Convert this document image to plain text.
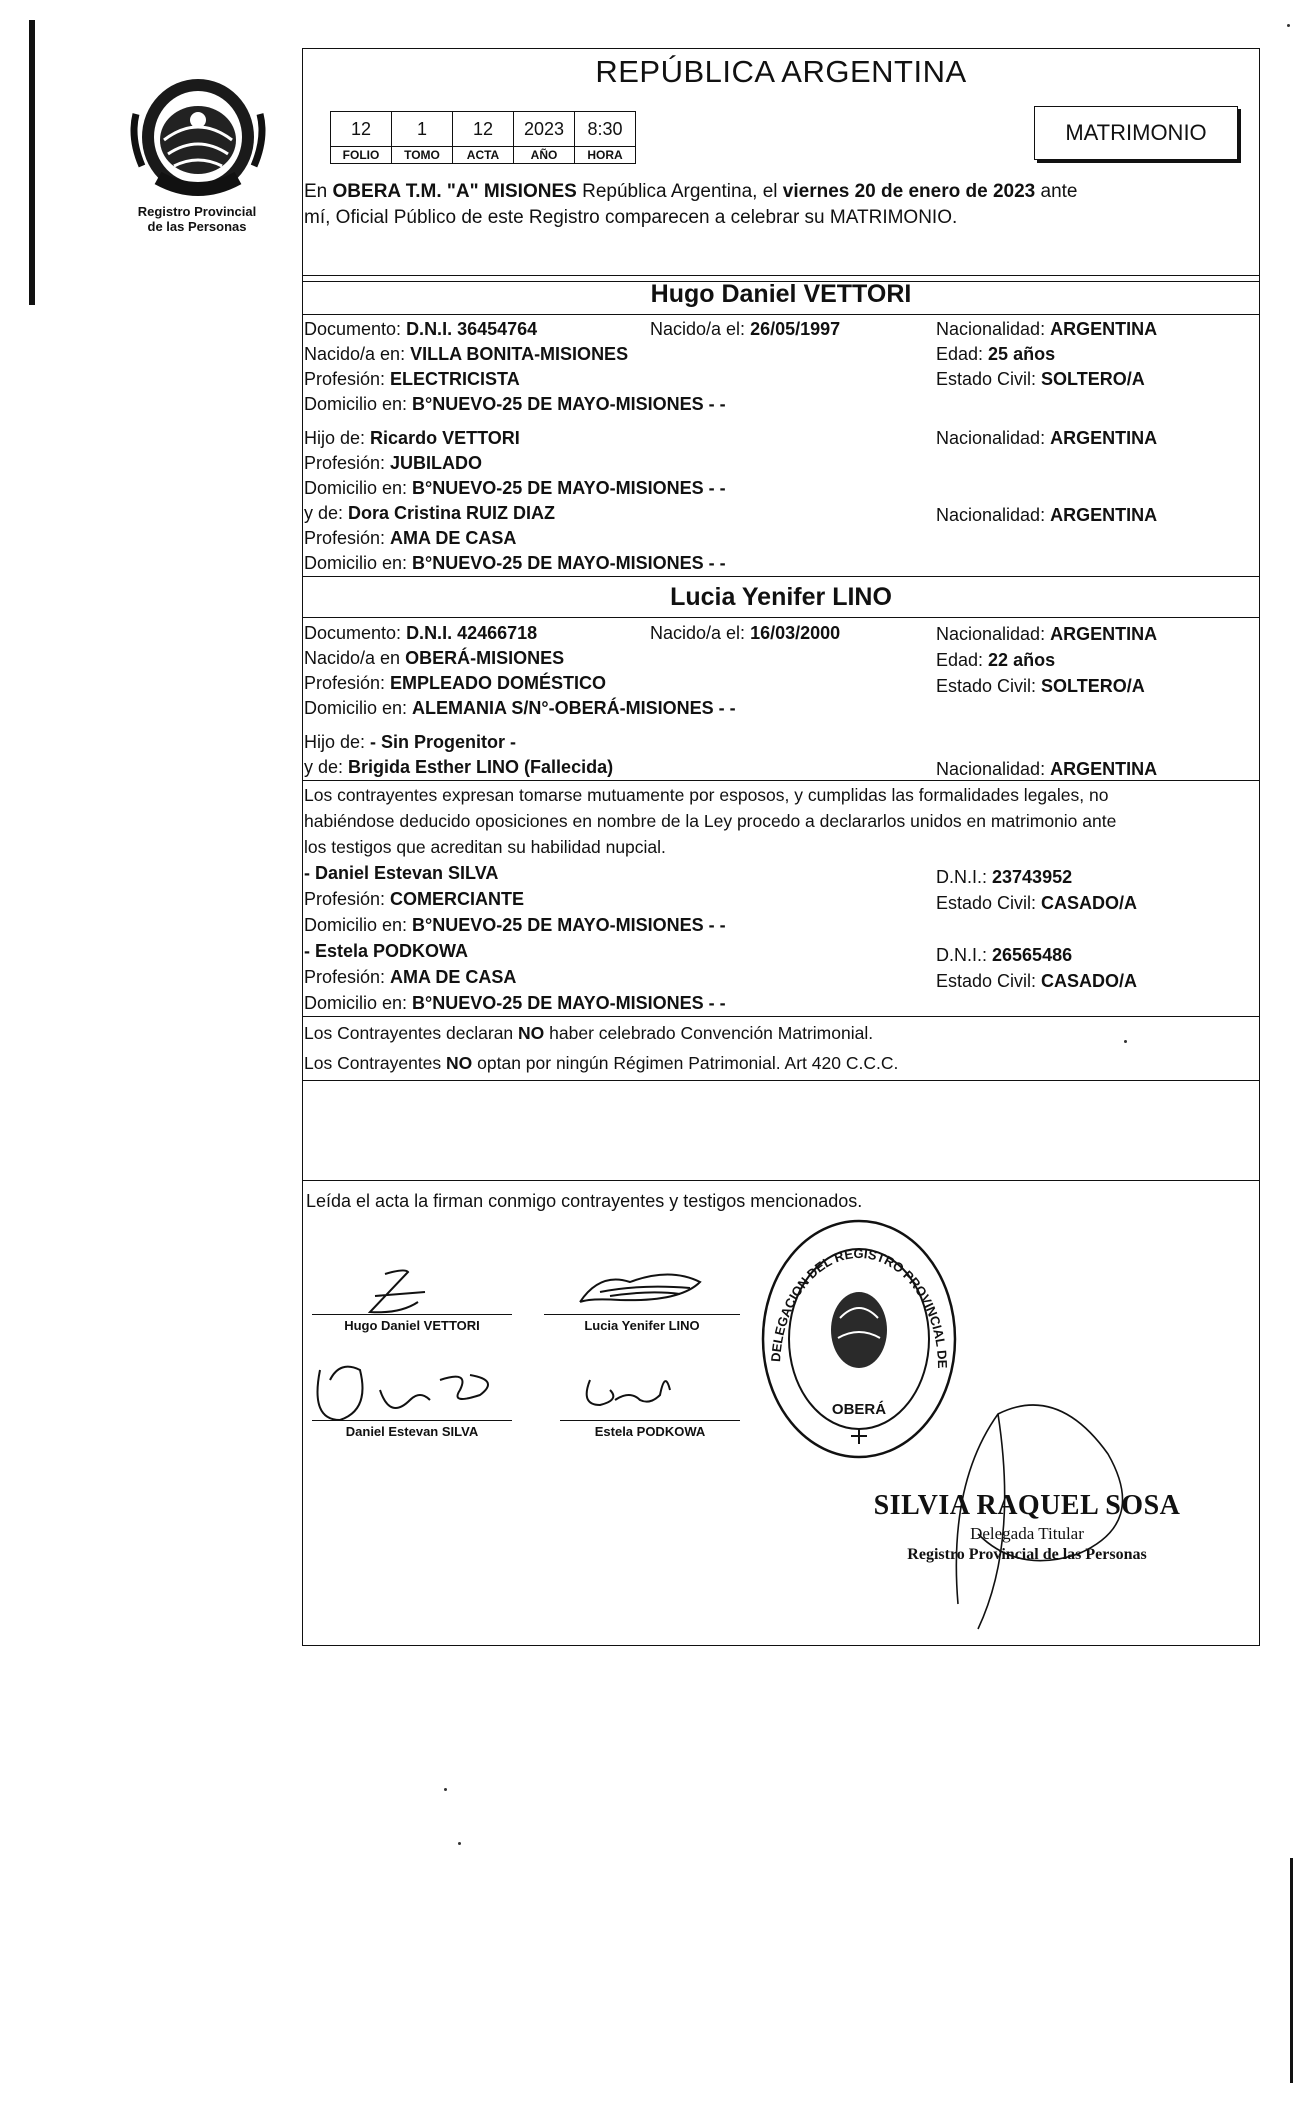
Registro Provincial
de las Personas
REPÚBLICA ARGENTINA
12	1	12	2023	8:30
FOLIO	TOMO	ACTA	AÑO	HORA
MATRIMONIO
En OBERA T.M. "A" MISIONES República Argentina, el viernes 20 de enero de 2023 ante
mí, Oficial Público de este Registro comparecen a celebrar su MATRIMONIO.
Hugo Daniel VETTORI
Documento: D.N.I. 36454764	Nacido/a el: 26/05/1997	Nacionalidad: ARGENTINA
Nacido/a en: VILLA BONITA-MISIONES	Edad: 25 años
Profesión: ELECTRICISTA	Estado Civil: SOLTERO/A
Domicilio en: B°NUEVO-25 DE MAYO-MISIONES - -
Hijo de: Ricardo VETTORI	Nacionalidad: ARGENTINA
Profesión: JUBILADO
Domicilio en: B°NUEVO-25 DE MAYO-MISIONES - -
y de: Dora Cristina RUIZ DIAZ	Nacionalidad: ARGENTINA
Profesión: AMA DE CASA
Domicilio en: B°NUEVO-25 DE MAYO-MISIONES - -
Lucia Yenifer LINO
Documento: D.N.I. 42466718	Nacido/a el: 16/03/2000	Nacionalidad: ARGENTINA
Nacido/a en OBERÁ-MISIONES	Edad: 22 años
Profesión: EMPLEADO DOMÉSTICO	Estado Civil: SOLTERO/A
Domicilio en: ALEMANIA S/N°-OBERÁ-MISIONES - -
Hijo de: - Sin Progenitor -
y de: Brigida Esther LINO (Fallecida)	Nacionalidad: ARGENTINA
Los contrayentes expresan tomarse mutuamente por esposos, y cumplidas las formalidades legales, no
habiéndose deducido oposiciones en nombre de la Ley procedo a declararlos unidos en matrimonio ante
los testigos que acreditan su habilidad nupcial.
- Daniel Estevan SILVA	D.N.I.: 23743952
Profesión: COMERCIANTE	Estado Civil: CASADO/A
Domicilio en: B°NUEVO-25 DE MAYO-MISIONES - -
- Estela PODKOWA	D.N.I.: 26565486
Profesión: AMA DE CASA	Estado Civil: CASADO/A
Domicilio en: B°NUEVO-25 DE MAYO-MISIONES - -
Los Contrayentes declaran NO haber celebrado Convención Matrimonial.
Los Contrayentes NO optan por ningún Régimen Patrimonial. Art 420 C.C.C.
Leída el acta la firman conmigo contrayentes y testigos mencionados.
Hugo Daniel VETTORI	Lucia Yenifer LINO
Daniel Estevan SILVA	Estela PODKOWA
DELEGACION DEL REGISTRO PROVINCIAL DE
OBERÁ
SILVIA RAQUEL SOSA
Delegada Titular
Registro Provincial de las Personas
